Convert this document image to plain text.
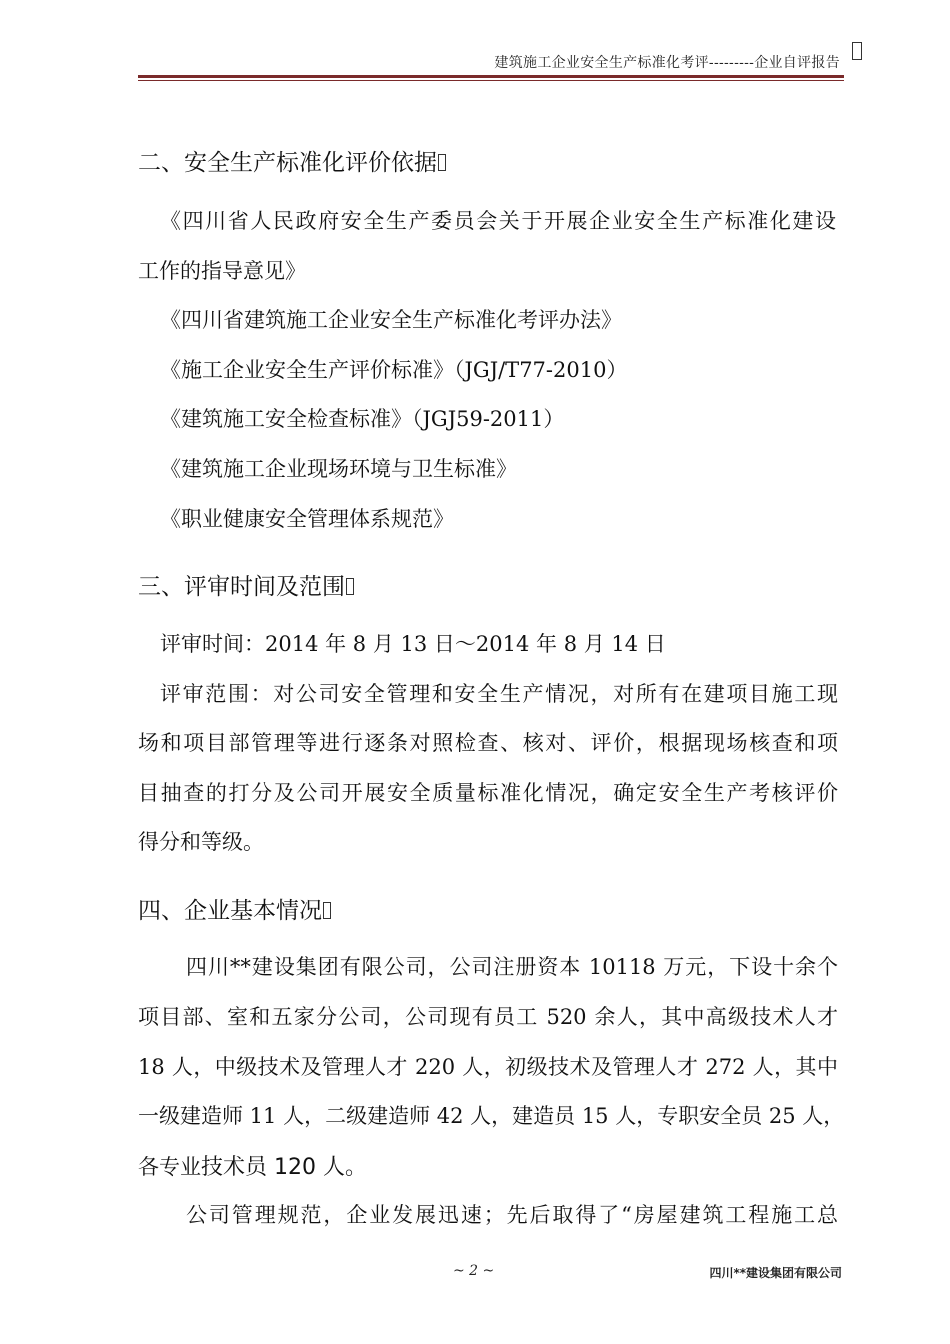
建筑施工企业安全生产标准化考评---------企业自评报告
二、安全生产标准化评价依据
《四川省人民政府安全生产委员会关于开展企业安全生产标准化建设
工作的指导意见》
《四川省建筑施工企业安全生产标准化考评办法》
《施工企业安全生产评价标准》（JGJ/T77-2010）
《建筑施工安全检查标准》（JGJ59-2011）
《建筑施工企业现场环境与卫生标准》
《职业健康安全管理体系规范》
三、评审时间及范围
评审时间：2014 年 8 月 13 日～2014 年 8 月 14 日
评审范围：对公司安全管理和安全生产情况，对所有在建项目施工现
场和项目部管理等进行逐条对照检查、核对、评价，根据现场核查和项
目抽查的打分及公司开展安全质量标准化情况，确定安全生产考核评价
得分和等级。
四、企业基本情况
四川**建设集团有限公司，公司注册资本 10118 万元，下设十余个
项目部、室和五家分公司，公司现有员工 520 余人，其中高级技术人才
18 人，中级技术及管理人才 220 人，初级技术及管理人才 272 人，其中
一级建造师 11 人，二级建造师 42 人，建造员 15 人，专职安全员 25 人，
各专业技术员 120 人。
公司管理规范，企业发展迅速；先后取得了“房屋建筑工程施工总
~ 2 ~	四川**建设集团有限公司
